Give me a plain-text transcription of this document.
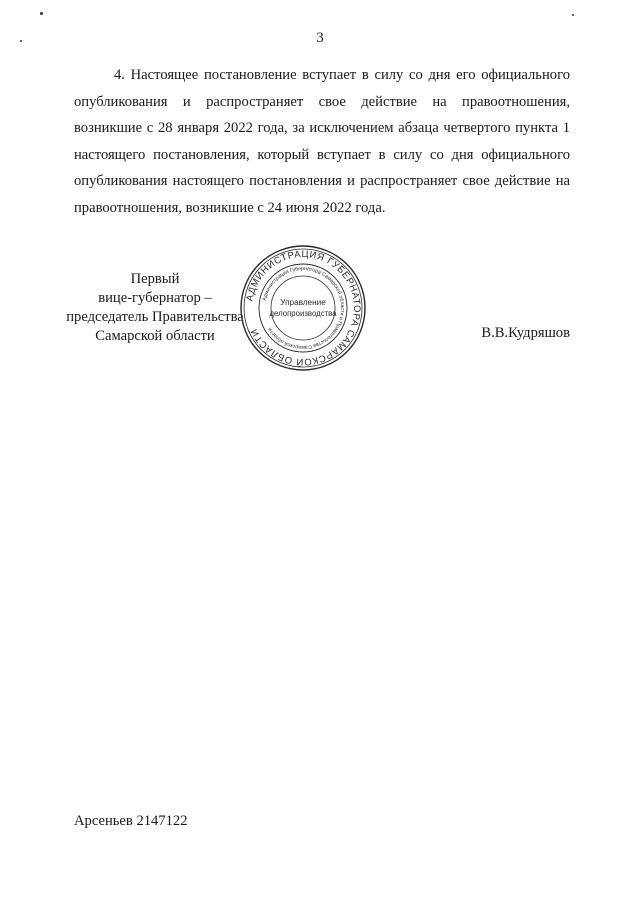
3

4. Настоящее постановление вступает в силу со дня его официального опубликования и распространяет свое действие на правоотношения, возникшие с 28 января 2022 года, за исключением абзаца четвертого пункта 1 настоящего постановления, который вступает в силу со дня официального опубликования настоящего постановления и распространяет свое действие на правоотношения, возникшие с 24 июня 2022 года.

Первый
вице-губернатор –
председатель Правительства
Самарской области
АДМИНИСТРАЦИЯ ГУБЕРНАТОРА САМАРСКОЙ ОБЛАСТИ
Администрация Губернатора Самарской области и Правительства Самарской области
Управление
делопроизводства
В.В.Кудряшов
Арсеньев 2147122
